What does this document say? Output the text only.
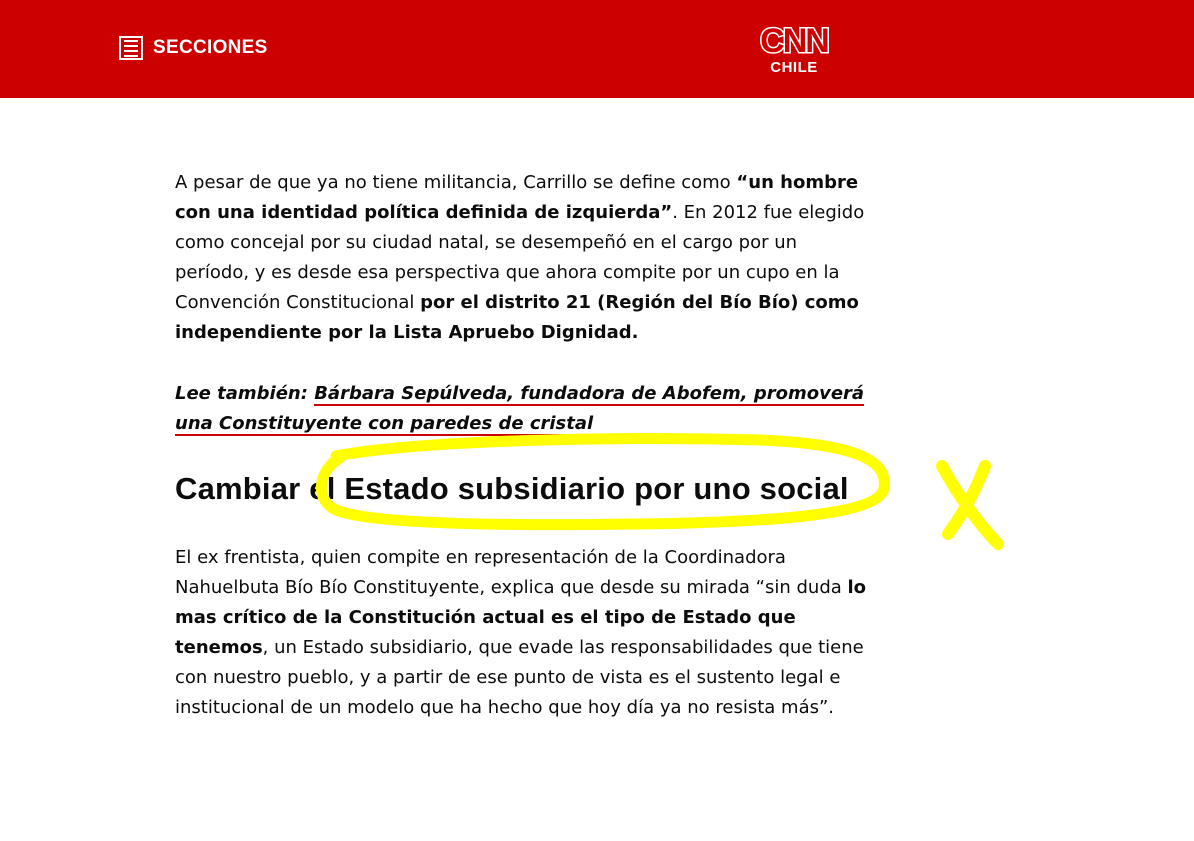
SECCIONES	CNN
CHILE

A pesar de que ya no tiene militancia, Carrillo se define como “un hombre con una identidad política definida de izquierda”. En 2012 fue elegido como concejal por su ciudad natal, se desempeñó en el cargo por un período, y es desde esa perspectiva que ahora compite por un cupo en la Convención Constitucional por el distrito 21 (Región del Bío Bío) como independiente por la Lista Apruebo Dignidad.

Lee también: Bárbara Sepúlveda, fundadora de Abofem, promoverá una Constituyente con paredes de cristal
Cambiar el Estado subsidiario por uno social

El ex frentista, quien compite en representación de la Coordinadora Nahuelbuta Bío Bío Constituyente, explica que desde su mirada “sin duda lo mas crítico de la Constitución actual es el tipo de Estado que tenemos, un Estado subsidiario, que evade las responsabilidades que tiene con nuestro pueblo, y a partir de ese punto de vista es el sustento legal e institucional de un modelo que ha hecho que hoy día ya no resista más”.
